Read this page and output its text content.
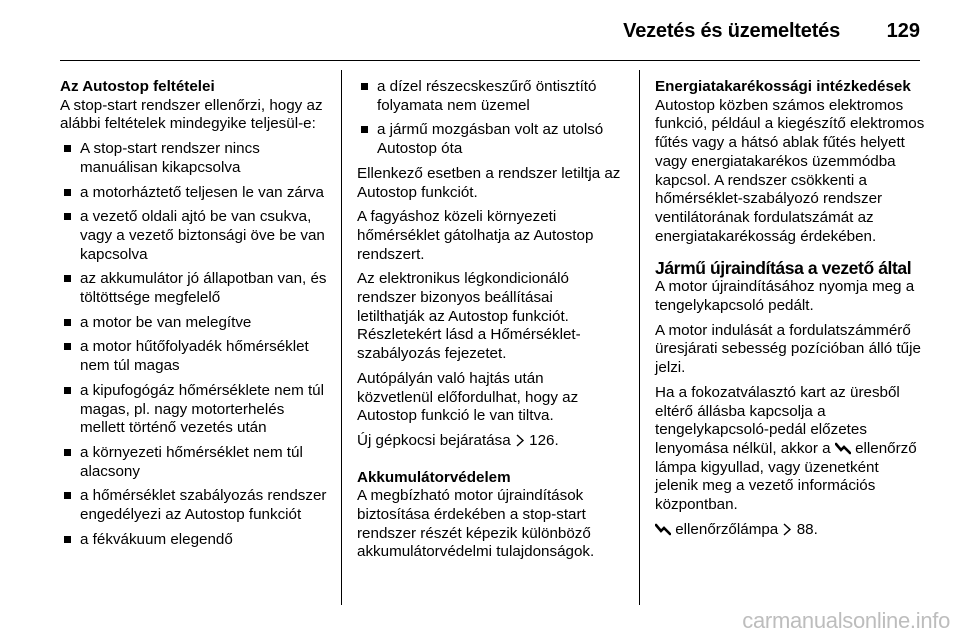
Vezetés és üzemeltetés 129
Az Autostop feltételei

A stop-start rendszer ellenőrzi, hogy az alábbi feltételek mindegyike teljesül-e:

A stop-start rendszer nincs manuálisan kikapcsolva
a motorháztető teljesen le van zárva
a vezető oldali ajtó be van csukva, vagy a vezető biztonsági öve be van kapcsolva
az akkumulátor jó állapotban van, és töltöttsége megfelelő
a motor be van melegítve
a motor hűtőfolyadék hőmérséklet nem túl magas
a kipufogógáz hőmérséklete nem túl magas, pl. nagy motorterhelés mellett történő vezetés után
a környezeti hőmérséklet nem túl alacsony
a hőmérséklet szabályozás rendszer engedélyezi az Autostop funkciót
a fékvákuum elegendő
a dízel részecskeszűrő öntisztító folyamata nem üzemel
a jármű mozgásban volt az utolsó Autostop óta

Ellenkező esetben a rendszer letiltja az Autostop funkciót.

A fagyáshoz közeli környezeti hőmérséklet gátolhatja az Autostop rendszert.

Az elektronikus légkondicionáló rendszer bizonyos beállításai letilthatják az Autostop funkciót. Részletekért lásd a Hőmérséklet-szabályozás fejezetet.

Autópályán való hajtás után közvetlenül előfordulhat, hogy az Autostop funkció le van tiltva.

Új gépkocsi bejáratása 126.

Akkumulátorvédelem

A megbízható motor újraindítások biztosítása érdekében a stop-start rendszer részét képezik különböző akkumulátorvédelmi tulajdonságok.

Energiatakarékossági intézkedések

Autostop közben számos elektromos funkció, például a kiegészítő elektromos fűtés vagy a hátsó ablak fűtés helyett vagy energiatakarékos üzemmódba kapcsol. A rendszer csökkenti a hőmérséklet-szabályozó rendszer ventilátorának fordulatszámát az energiatakarékosság érdekében.

Jármű újraindítása a vezető által

A motor újraindításához nyomja meg a tengelykapcsoló pedált.

A motor indulását a fordulatszámmérő üresjárati sebesség pozícióban álló tűje jelzi.

Ha a fokozatválasztó kart az üresből eltérő állásba kapcsolja a tengelykapcsoló-pedál előzetes lenyomása nélkül, akkor a ellenőrző lámpa kigyullad, vagy üzenetként jelenik meg a vezető információs központban.

ellenőrzőlámpa 88.

carmanualsonline.info
